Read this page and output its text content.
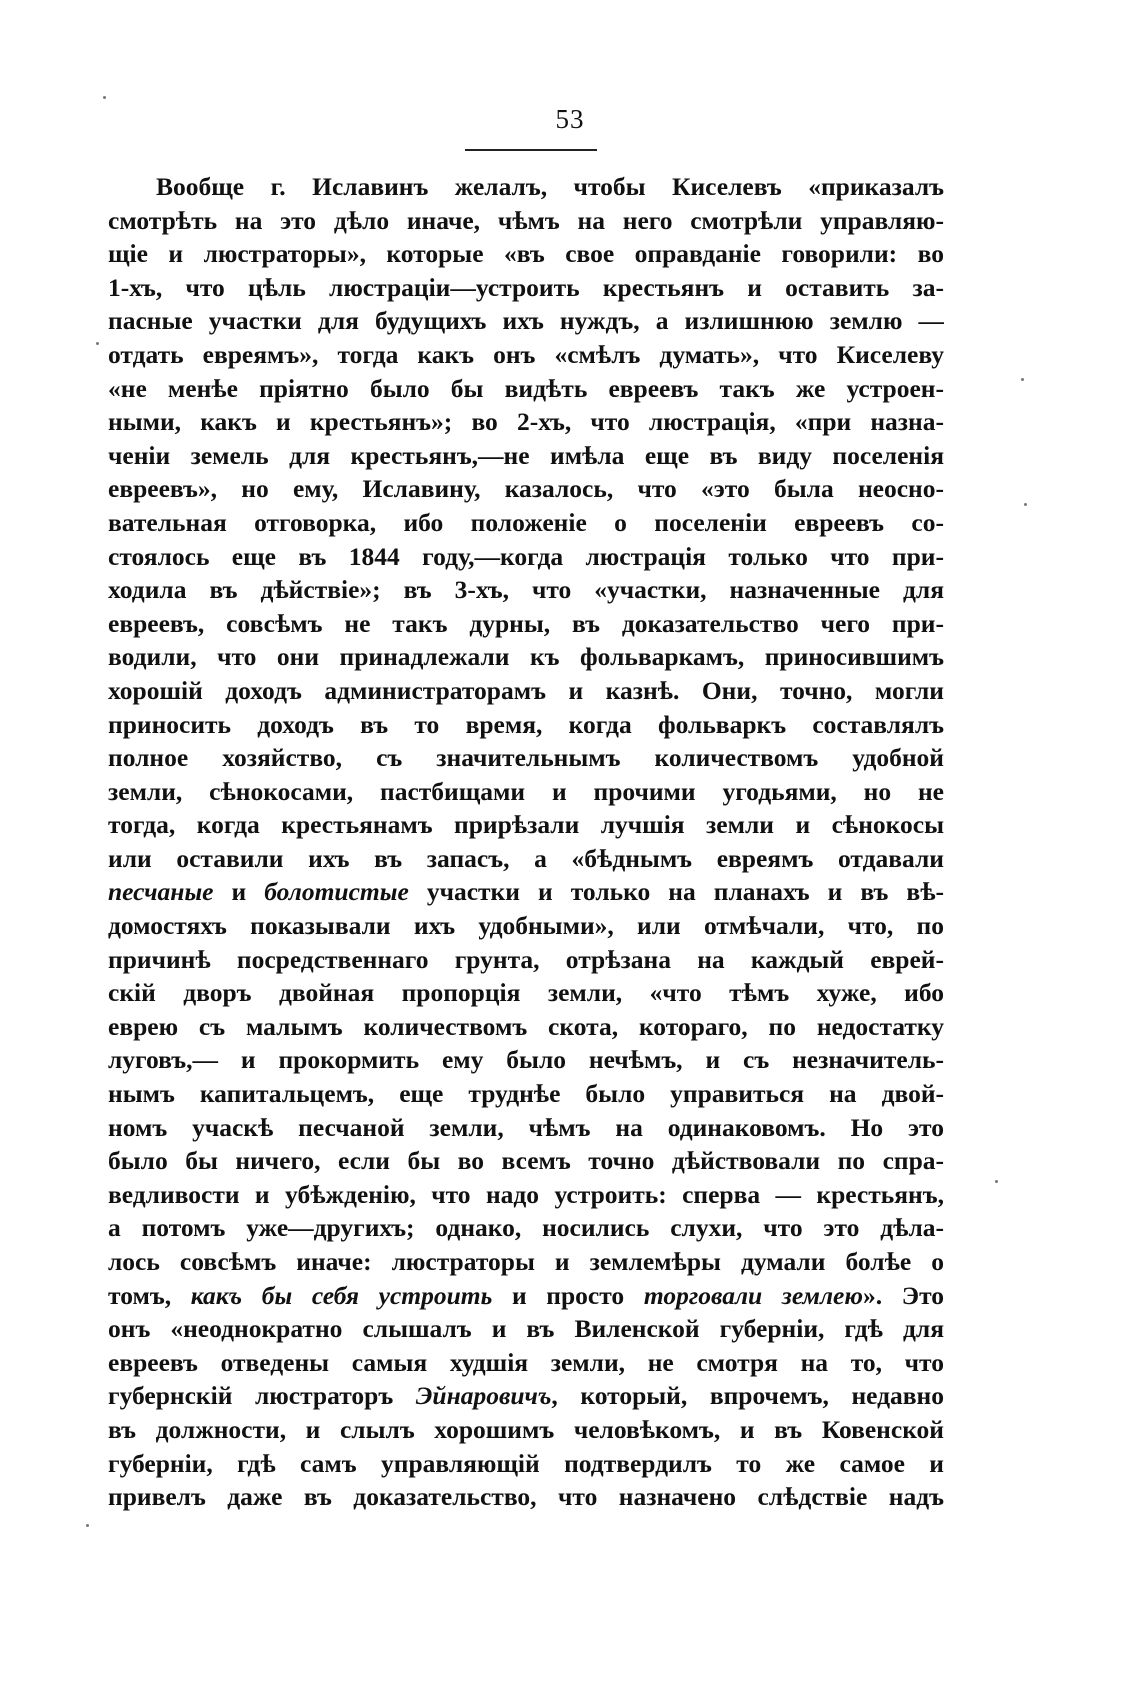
53
Вообще г. Иславинъ желалъ, чтобы Киселевъ «приказалъ
смотрѣть на это дѣло иначе, чѣмъ на него смотрѣли управляю-
щіе и люстраторы», которые «въ свое оправданіе говорили: во
1-хъ, что цѣль люстраціи—устроить крестьянъ и оставить за-
пасные участки для будущихъ ихъ нуждъ, а излишнюю землю —
отдать евреямъ», тогда какъ онъ «смѣлъ думать», что Киселеву
«не менѣе пріятно было бы видѣть евреевъ такъ же устроен-
ными, какъ и крестьянъ»; во 2-хъ, что люстрація, «при назна-
ченіи земель для крестьянъ,—не имѣла еще въ виду поселенія
евреевъ», но ему, Иславину, казалось, что «это была неосно-
вательная отговорка, ибо положеніе о поселеніи евреевъ со-
стоялось еще въ 1844 году,—когда люстрація только что при-
ходила въ дѣйствіе»; въ 3-хъ, что «участки, назначенные для
евреевъ, совсѣмъ не такъ дурны, въ доказательство чего при-
водили, что они принадлежали къ фольваркамъ, приносившимъ
хорошій доходъ администраторамъ и казнѣ. Они, точно, могли
приносить доходъ въ то время, когда фольваркъ составлялъ
полное хозяйство, съ значительнымъ количествомъ удобной
земли, сѣнокосами, пастбищами и прочими угодьями, но не
тогда, когда крестьянамъ прирѣзали лучшія земли и сѣнокосы
или оставили ихъ въ запасъ, а «бѣднымъ евреямъ отдавали
песчаные и болотистые участки и только на планахъ и въ вѣ-
домостяхъ показывали ихъ удобными», или отмѣчали, что, по
причинѣ посредственнаго грунта, отрѣзана на каждый еврей-
скій дворъ двойная пропорція земли, «что тѣмъ хуже, ибо
еврею съ малымъ количествомъ скота, котораго, по недостатку
луговъ,— и прокормить ему было нечѣмъ, и съ незначитель-
нымъ капитальцемъ, еще труднѣе было управиться на двой-
номъ учаскѣ песчаной земли, чѣмъ на одинаковомъ. Но это
было бы ничего, если бы во всемъ точно дѣйствовали по спра-
ведливости и убѣжденію, что надо устроить: сперва — крестьянъ,
а потомъ уже—другихъ; однако, носились слухи, что это дѣла-
лось совсѣмъ иначе: люстраторы и землемѣры думали болѣе о
томъ, какъ бы себя устроить и просто торговали землею». Это
онъ «неоднократно слышалъ и въ Виленской губерніи, гдѣ для
евреевъ отведены самыя худшія земли, не смотря на то, что
губернскій люстраторъ Эйнаровичъ, который, впрочемъ, недавно
въ должности, и слылъ хорошимъ человѣкомъ, и въ Ковенской
губерніи, гдѣ самъ управляющій подтвердилъ то же самое и
привелъ даже въ доказательство, что назначено слѣдствіе надъ
